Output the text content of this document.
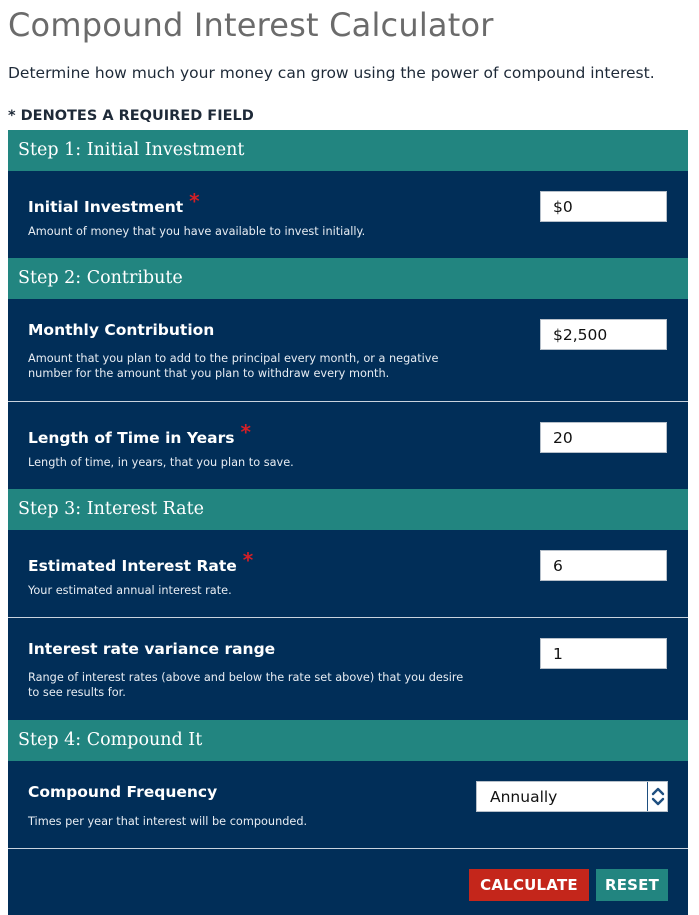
Compound Interest Calculator

Determine how much your money can grow using the power of compound interest.

* DENOTES A REQUIRED FIELD

Step 1: Initial Investment
Initial Investment *
Amount of money that you have available to invest initially.
$0
Step 2: Contribute
Monthly Contribution
Amount that you plan to add to the principal every month, or a negative number for the amount that you plan to withdraw every month.
$2,500
Length of Time in Years *
Length of time, in years, that you plan to save.
20
Step 3: Interest Rate
Estimated Interest Rate *
Your estimated annual interest rate.
6
Interest rate variance range
Range of interest rates (above and below the rate set above) that you desire to see results for.
1
Step 4: Compound It
Compound Frequency
Times per year that interest will be compounded.
Annually
CALCULATE	RESET
